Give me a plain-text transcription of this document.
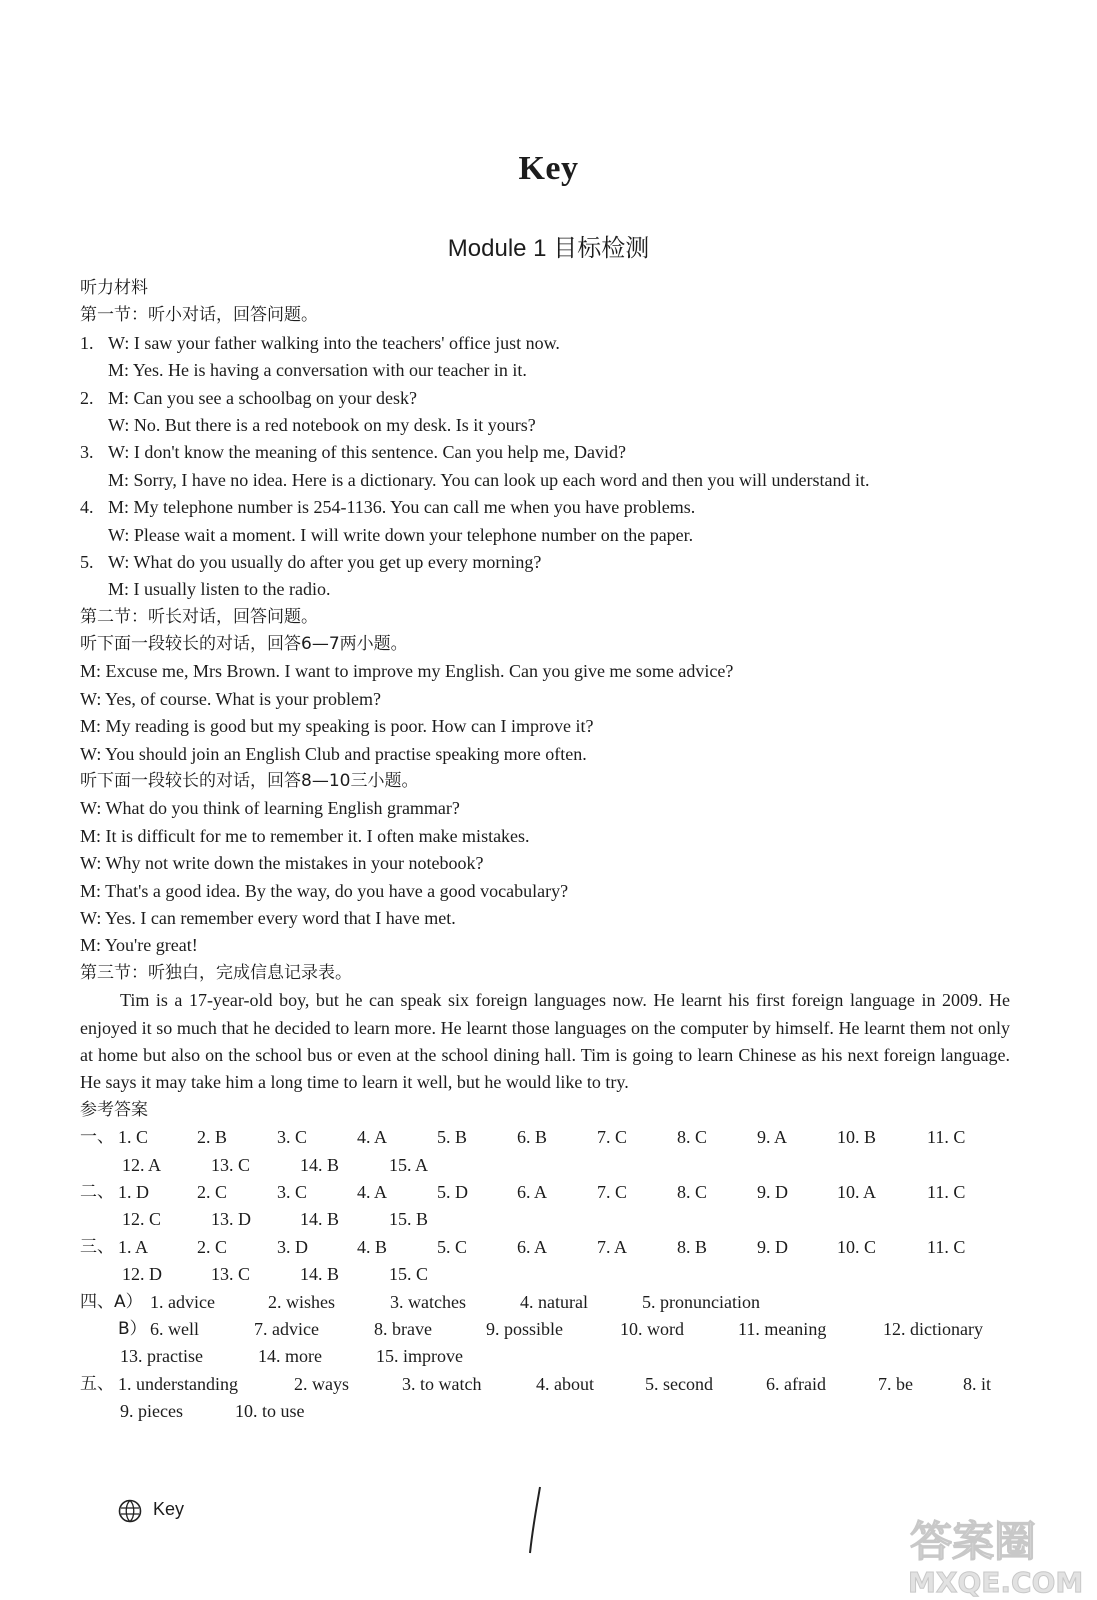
Key
Module 1 目标检测
听力材料
第一节：听小对话，回答问题。
1. W: I saw your father walking into the teachers' office just now.
M: Yes. He is having a conversation with our teacher in it.
2. M: Can you see a schoolbag on your desk?
W: No. But there is a red notebook on my desk. Is it yours?
3. W: I don't know the meaning of this sentence. Can you help me, David?
M: Sorry, I have no idea. Here is a dictionary. You can look up each word and then you will understand it.
4. M: My telephone number is 254-1136. You can call me when you have problems.
W: Please wait a moment. I will write down your telephone number on the paper.
5. W: What do you usually do after you get up every morning?
M: I usually listen to the radio.
第二节：听长对话，回答问题。
听下面一段较长的对话，回答6—7两小题。
M: Excuse me, Mrs Brown. I want to improve my English. Can you give me some advice?
W: Yes, of course. What is your problem?
M: My reading is good but my speaking is poor. How can I improve it?
W: You should join an English Club and practise speaking more often.
听下面一段较长的对话，回答8—10三小题。
W: What do you think of learning English grammar?
M: It is difficult for me to remember it. I often make mistakes.
W: Why not write down the mistakes in your notebook?
M: That's a good idea. By the way, do you have a good vocabulary?
W: Yes. I can remember every word that I have met.
M: You're great!
第三节：听独白，完成信息记录表。
Tim is a 17-year-old boy, but he can speak six foreign languages now. He learnt his first foreign language in 2009. He enjoyed it so much that he decided to learn more. He learnt those languages on the computer by himself. He learnt them not only at home but also on the school bus or even at the school dining hall. Tim is going to learn Chinese as his next foreign language. He says it may take him a long time to learn it well, but he would like to try.
参考答案
一、 1. C	2. B	3. C	4. A	5. B	6. B	7. C	8. C	9. A	10. B	11. C
12. A	13. C	14. B	15. A
二、 1. D	2. C	3. C	4. A	5. D	6. A	7. C	8. C	9. D	10. A	11. C
12. C	13. D	14. B	15. B
三、 1. A	2. C	3. D	4. B	5. C	6. A	7. A	8. B	9. D	10. C	11. C
12. D	13. C	14. B	15. C
四、A） 1. advice	2. wishes	3. watches	4. natural	5. pronunciation
B） 6. well	7. advice	8. brave	9. possible	10. word	11. meaning	12. dictionary
13. practise	14. more	15. improve
五、 1. understanding	2. ways	3. to watch	4. about	5. second	6. afraid	7. be	8. it
9. pieces	10. to use
Key
答案圈
MXQE.COM
